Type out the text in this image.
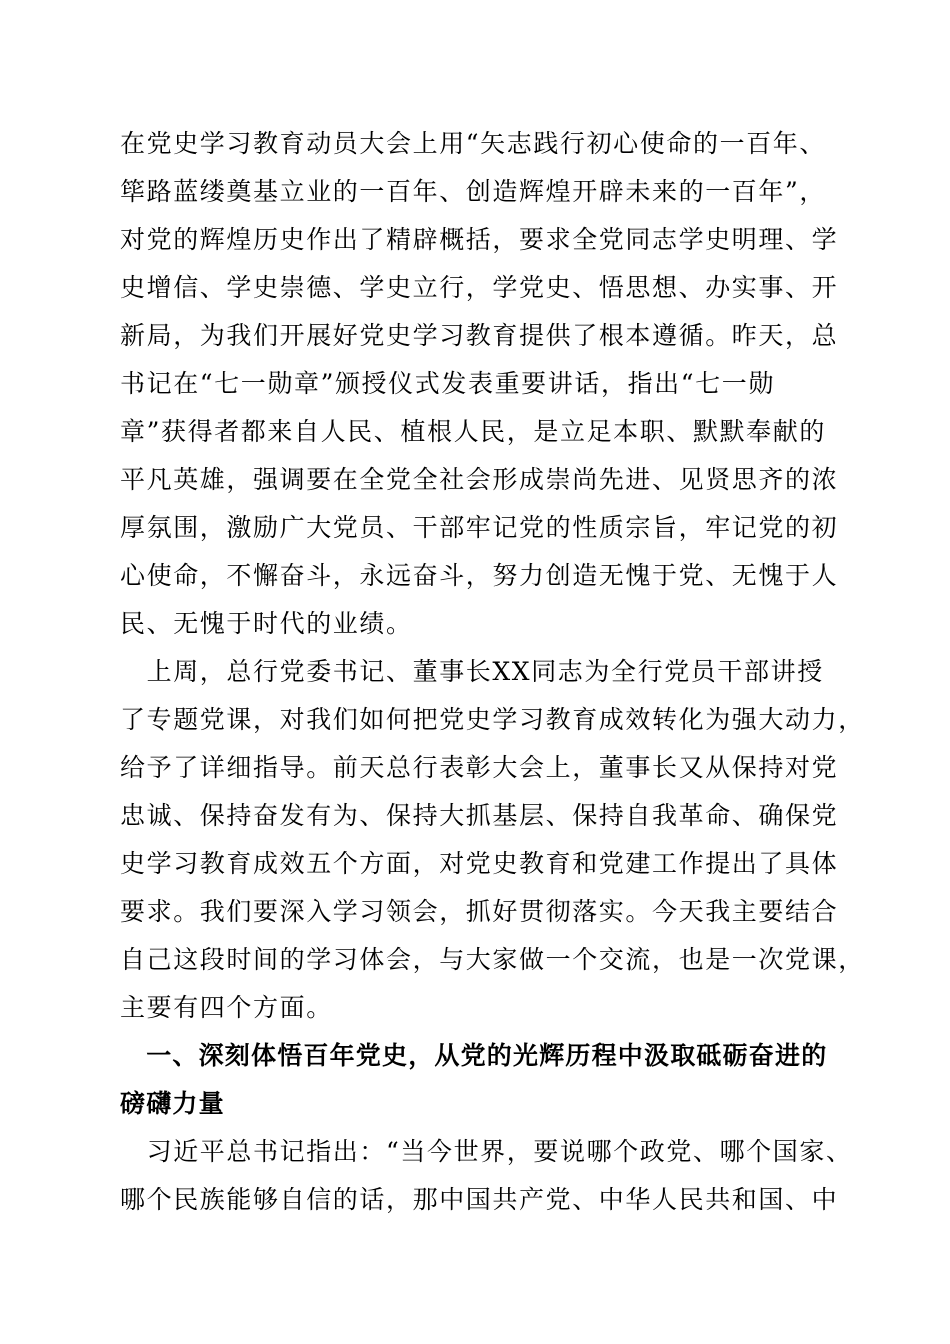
在党史学习教育动员大会上用“矢志践行初心使命的一百年、
筚路蓝缕奠基立业的一百年、创造辉煌开辟未来的一百年”，
对党的辉煌历史作出了精辟概括，要求全党同志学史明理、学
史增信、学史崇德、学史立行，学党史、悟思想、办实事、开
新局，为我们开展好党史学习教育提供了根本遵循。昨天，总
书记在“七一勋章”颁授仪式发表重要讲话，指出“七一勋
章”获得者都来自人民、植根人民，是立足本职、默默奉献的
平凡英雄，强调要在全党全社会形成崇尚先进、见贤思齐的浓
厚氛围，激励广大党员、干部牢记党的性质宗旨，牢记党的初
心使命，不懈奋斗，永远奋斗，努力创造无愧于党、无愧于人
民、无愧于时代的业绩。
　上周，总行党委书记、董事长XX同志为全行党员干部讲授
了专题党课，对我们如何把党史学习教育成效转化为强大动力，
给予了详细指导。前天总行表彰大会上，董事长又从保持对党
忠诚、保持奋发有为、保持大抓基层、保持自我革命、确保党
史学习教育成效五个方面，对党史教育和党建工作提出了具体
要求。我们要深入学习领会，抓好贯彻落实。今天我主要结合
自己这段时间的学习体会，与大家做一个交流，也是一次党课，
主要有四个方面。
　一、深刻体悟百年党史，从党的光辉历程中汲取砥砺奋进的
磅礴力量
　习近平总书记指出：“当今世界，要说哪个政党、哪个国家、
哪个民族能够自信的话，那中国共产党、中华人民共和国、中
